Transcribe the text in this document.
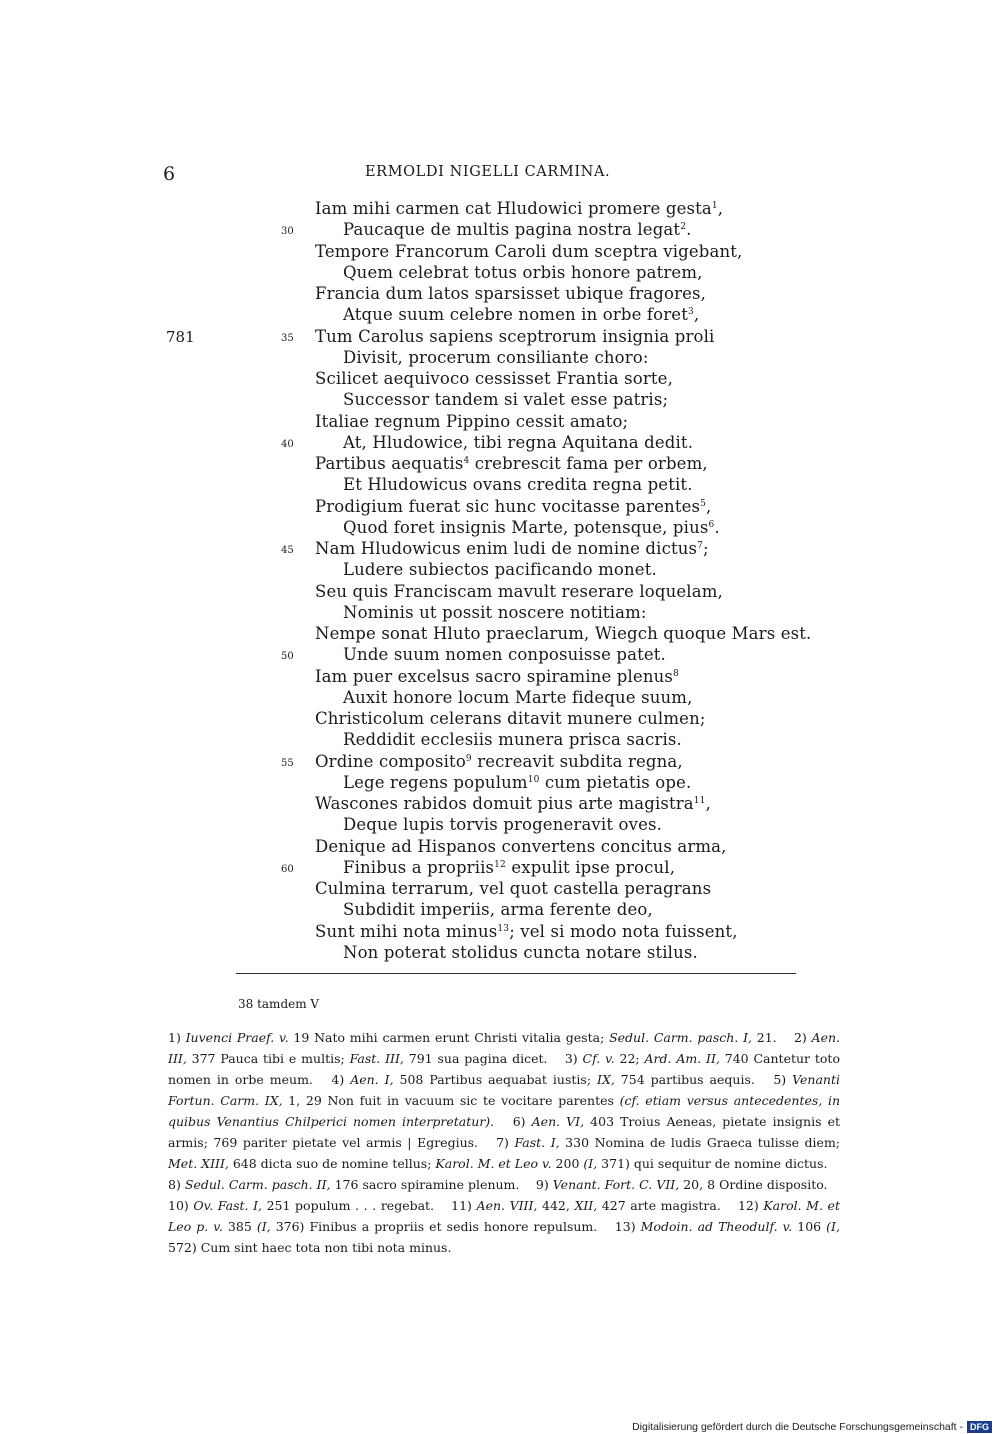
6	ERMOLDI NIGELLI CARMINA.
781
Iam mihi carmen cat Hludowici promere gesta$^1$,
30	Paucaque de multis pagina nostra legat$^2$.
Tempore Francorum Caroli dum sceptra vigebant,
Quem celebrat totus orbis honore patrem,
Francia dum latos sparsisset ubique fragores,
Atque suum celebre nomen in orbe foret$^3$,
35 Tum Carolus sapiens sceptrorum insignia proli
Divisit, procerum consiliante choro:
Scilicet aequivoco cessisset Frantia sorte,
Successor tandem si valet esse patris;
Italiae regnum Pippino cessit amato;
40	At, Hludowice, tibi regna Aquitana dedit.
Partibus aequatis$^4$ crebrescit fama per orbem,
Et Hludowicus ovans credita regna petit.
Prodigium fuerat sic hunc vocitasse parentes$^5$,
Quod foret insignis Marte, potensque, pius$^6$.
45 Nam Hludowicus enim ludi de nomine dictus$^7$;
Ludere subiectos pacificando monet.
Seu quis Franciscam mavult reserare loquelam,
Nominis ut possit noscere notitiam:
Nempe sonat Hluto praeclarum, Wiegch quoque Mars est.
50	Unde suum nomen conposuisse patet.
Iam puer excelsus sacro spiramine plenus$^8$
Auxit honore locum Marte fideque suum,
Christicolum celerans ditavit munere culmen;
Reddidit ecclesiis munera prisca sacris.
55 Ordine composito$^9$ recreavit subdita regna,
Lege regens populum$^{10}$ cum pietatis ope.
Wascones rabidos domuit pius arte magistra$^{11}$,
Deque lupis torvis progeneravit oves.
Denique ad Hispanos convertens concitus arma,
60	Finibus a propriis$^{12}$ expulit ipse procul,
Culmina terrarum, vel quot castella peragrans
Subdidit imperiis, arma ferente deo,
Sunt mihi nota minus$^{13}$; vel si modo nota fuissent,
Non poterat stolidus cuncta notare stilus.
38 tamdem V
1) Iuvenci Praef. v. 19 Nato mihi carmen erunt Christi vitalia gesta; Sedul. Carm. pasch. I, 21.  2) Aen. III, 377 Pauca tibi e multis; Fast. III, 791 sua pagina dicet.  3) Cf. v. 22; Ard. Am. II, 740 Cantetur toto nomen in orbe meum.  4) Aen. I, 508 Partibus aequabat iustis; IX, 754 partibus aequis.  5) Venanti Fortun. Carm. IX, 1, 29 Non fuit in vacuum sic te vocitare parentes (cf. etiam versus antecedentes, in quibus Venantius Chilperici nomen interpretatur).  6) Aen. VI, 403 Troius Aeneas, pietate insignis et armis; 769 pariter pietate vel armis | Egregius.  7) Fast. I, 330 Nomina de ludis Graeca tulisse diem; Met. XIII, 648 dicta suo de nomine tellus; Karol. M. et Leo v. 200 (I, 371) qui sequitur de nomine dictus.  8) Sedul. Carm. pasch. II, 176 sacro spiramine plenum.  9) Venant. Fort. C. VII, 20, 8 Ordine disposito.  10) Ov. Fast. I, 251 populum . . . regebat.  11) Aen. VIII, 442, XII, 427 arte magistra.  12) Karol. M. et Leo p. v. 385 (I, 376) Finibus a propriis et sedis honore repulsum.  13) Modoin. ad Theodulf. v. 106 (I, 572) Cum sint haec tota non tibi nota minus.
Digitalisierung gefördert durch die Deutsche Forschungsgemeinschaft - DFG
